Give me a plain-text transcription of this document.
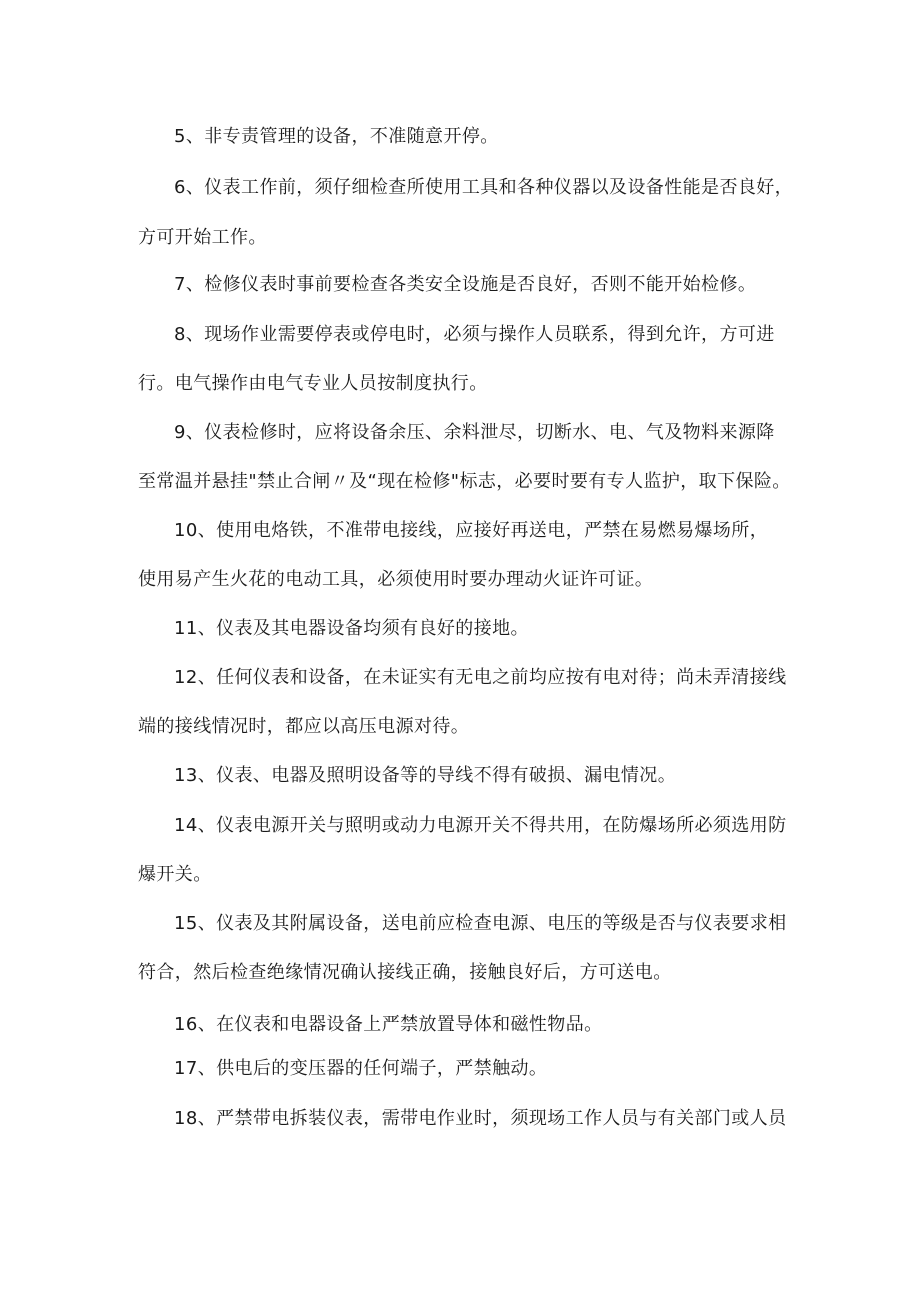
5、非专责管理的设备，不准随意开停。
6、仪表工作前，须仔细检查所使用工具和各种仪器以及设备性能是否良好，
方可开始工作。
7、检修仪表时事前要检查各类安全设施是否良好，否则不能开始检修。
8、现场作业需要停表或停电时，必须与操作人员联系，得到允许，方可进
行。电气操作由电气专业人员按制度执行。
9、仪表检修时，应将设备余压、余料泄尽，切断水、电、气及物料来源降
至常温并悬挂"禁止合闸〃及“现在检修"标志，必要时要有专人监护，取下保险。
10、使用电烙铁，不准带电接线，应接好再送电，严禁在易燃易爆场所，
使用易产生火花的电动工具，必须使用时要办理动火证许可证。
11、仪表及其电器设备均须有良好的接地。
12、任何仪表和设备，在未证实有无电之前均应按有电对待；尚未弄清接线
端的接线情况时，都应以高压电源对待。
13、仪表、电器及照明设备等的导线不得有破损、漏电情况。
14、仪表电源开关与照明或动力电源开关不得共用，在防爆场所必须选用防
爆开关。
15、仪表及其附属设备，送电前应检查电源、电压的等级是否与仪表要求相
符合，然后检查绝缘情况确认接线正确，接触良好后，方可送电。
16、在仪表和电器设备上严禁放置导体和磁性物品。
17、供电后的变压器的任何端子，严禁触动。
18、严禁带电拆装仪表，需带电作业时，须现场工作人员与有关部门或人员
